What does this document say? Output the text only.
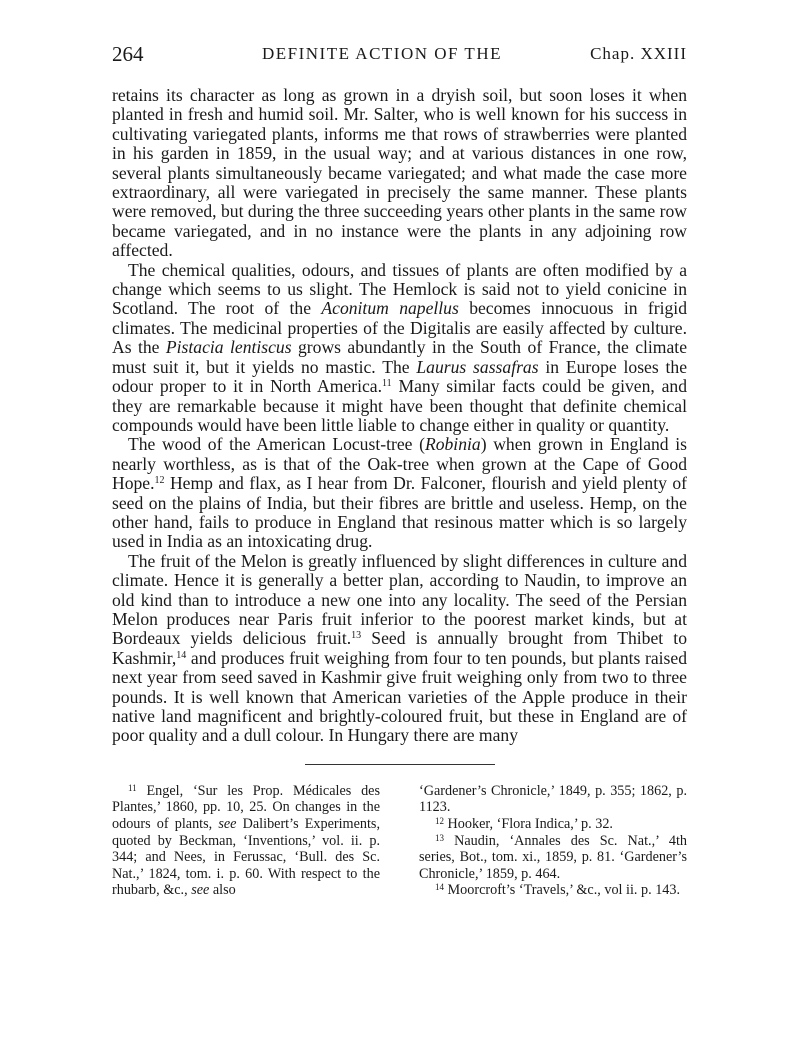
264	DEFINITE ACTION OF THE	Chap. XXIII

retains its character as long as grown in a dryish soil, but soon loses it when planted in fresh and humid soil. Mr. Salter, who is well known for his success in cultivating variegated plants, informs me that rows of strawberries were planted in his garden in 1859, in the usual way; and at various distances in one row, several plants simultaneously became variegated; and what made the case more extraordinary, all were variegated in precisely the same manner. These plants were removed, but during the three succeeding years other plants in the same row became variegated, and in no instance were the plants in any adjoining row affected.

The chemical qualities, odours, and tissues of plants are often modified by a change which seems to us slight. The Hemlock is said not to yield conicine in Scotland. The root of the Aconitum napellus becomes innocuous in frigid climates. The medicinal properties of the Digitalis are easily affected by culture. As the Pistacia lentiscus grows abundantly in the South of France, the climate must suit it, but it yields no mastic. The Laurus sassafras in Europe loses the odour proper to it in North America.$^{11}$ Many similar facts could be given, and they are remarkable because it might have been thought that definite chemical compounds would have been little liable to change either in quality or quantity.

The wood of the American Locust-tree (Robinia) when grown in England is nearly worthless, as is that of the Oak-tree when grown at the Cape of Good Hope.$^{12}$ Hemp and flax, as I hear from Dr. Falconer, flourish and yield plenty of seed on the plains of India, but their fibres are brittle and useless. Hemp, on the other hand, fails to produce in England that resinous matter which is so largely used in India as an intoxicating drug.

The fruit of the Melon is greatly influenced by slight differences in culture and climate. Hence it is generally a better plan, according to Naudin, to improve an old kind than to introduce a new one into any locality. The seed of the Persian Melon produces near Paris fruit inferior to the poorest market kinds, but at Bordeaux yields delicious fruit.$^{13}$ Seed is annually brought from Thibet to Kashmir,$^{14}$ and produces fruit weighing from four to ten pounds, but plants raised next year from seed saved in Kashmir give fruit weighing only from two to three pounds. It is well known that American varieties of the Apple produce in their native land magnificent and brightly-coloured fruit, but these in England are of poor quality and a dull colour. In Hungary there are many

$^{11}$ Engel, ‘Sur les Prop. Médicales des Plantes,’ 1860, pp. 10, 25. On changes in the odours of plants, see Dalibert’s Experiments, quoted by Beckman, ‘Inventions,’ vol. ii. p. 344; and Nees, in Ferussac, ‘Bull. des Sc. Nat.,’ 1824, tom. i. p. 60. With respect to the rhubarb, &c., see also

‘Gardener’s Chronicle,’ 1849, p. 355; 1862, p. 1123.

$^{12}$ Hooker, ‘Flora Indica,’ p. 32.

$^{13}$ Naudin, ‘Annales des Sc. Nat.,’ 4th series, Bot., tom. xi., 1859, p. 81. ‘Gardener’s Chronicle,’ 1859, p. 464.

$^{14}$ Moorcroft’s ‘Travels,’ &c., vol ii. p. 143.
